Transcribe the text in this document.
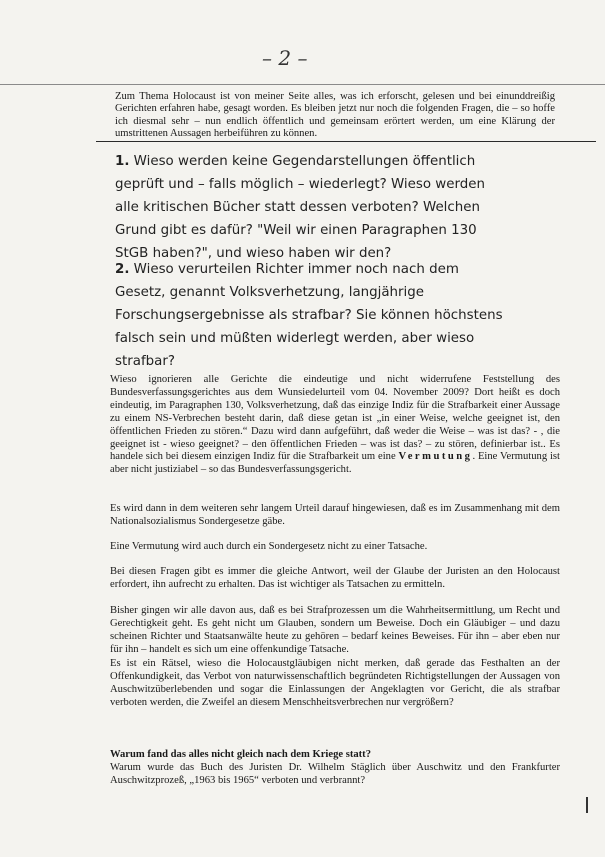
– 2 –
Zum Thema Holocaust ist von meiner Seite alles, was ich erforscht, gelesen und bei einunddreißig Gerichten erfahren habe, gesagt worden. Es bleiben jetzt nur noch die folgenden Fragen, die – so hoffe ich diesmal sehr – nun endlich öffentlich und gemeinsam erörtert werden, um eine Klärung der umstrittenen Aussagen herbeiführen zu können.
1. Wieso werden keine Gegendarstellungen öffentlich geprüft und – falls möglich – wiederlegt? Wieso werden alle kritischen Bücher statt dessen verboten? Welchen Grund gibt es dafür? "Weil wir einen Paragraphen 130 StGB haben?", und wieso haben wir den?
2. Wieso verurteilen Richter immer noch nach dem Gesetz, genannt Volksverhetzung, langjährige Forschungsergebnisse als strafbar? Sie können höchstens falsch sein und müßten widerlegt werden, aber wieso strafbar?
Wieso ignorieren alle Gerichte die eindeutige und nicht widerrufene Feststellung des Bundesverfassungsgerichtes aus dem Wunsiedelurteil vom 04. November 2009? Dort heißt es doch eindeutig, im Paragraphen 130, Volksverhetzung, daß das einzige Indiz für die Strafbarkeit einer Aussage zu einem NS-Verbrechen besteht darin, daß diese getan ist „in einer Weise, welche geeignet ist, den öffentlichen Frieden zu stören.“ Dazu wird dann aufgeführt, daß weder die Weise – was ist das? - , die geeignet ist - wieso geeignet? – den öffentlichen Frieden – was ist das? – zu stören, definierbar ist.. Es handele sich bei diesem einzigen Indiz für die Strafbarkeit um eine Vermutung. Eine Vermutung ist aber nicht justiziabel – so das Bundesverfassungsgericht.
Es wird dann in dem weiteren sehr langem Urteil darauf hingewiesen, daß es im Zusammenhang mit dem Nationalsozialismus Sondergesetze gäbe.
Eine Vermutung wird auch durch ein Sondergesetz nicht zu einer Tatsache.
Bei diesen Fragen gibt es immer die gleiche Antwort, weil der Glaube der Juristen an den Holocaust erfordert, ihn aufrecht zu erhalten. Das ist wichtiger als Tatsachen zu ermitteln.
Bisher gingen wir alle davon aus, daß es bei Strafprozessen um die Wahrheitsermittlung, um Recht und Gerechtigkeit geht. Es geht nicht um Glauben, sondern um Beweise. Doch ein Gläubiger – und dazu scheinen Richter und Staatsanwälte heute zu gehören – bedarf keines Beweises. Für ihn – aber eben nur für ihn – handelt es sich um eine offenkundige Tatsache.
Es ist ein Rätsel, wieso die Holocaustgläubigen nicht merken, daß gerade das Festhalten an der Offenkundigkeit, das Verbot von naturwissenschaftlich begründeten Richtigstellungen der Aussagen von Auschwitzüberlebenden und sogar die Einlassungen der Angeklagten vor Gericht, die als strafbar verboten werden, die Zweifel an diesem Menschheitsverbrechen nur vergrößern?
Warum fand das alles nicht gleich nach dem Kriege statt?
Warum wurde das Buch des Juristen Dr. Wilhelm Stäglich über Auschwitz und den Frankfurter Auschwitzprozeß, „1963 bis 1965“ verboten und verbrannt?
